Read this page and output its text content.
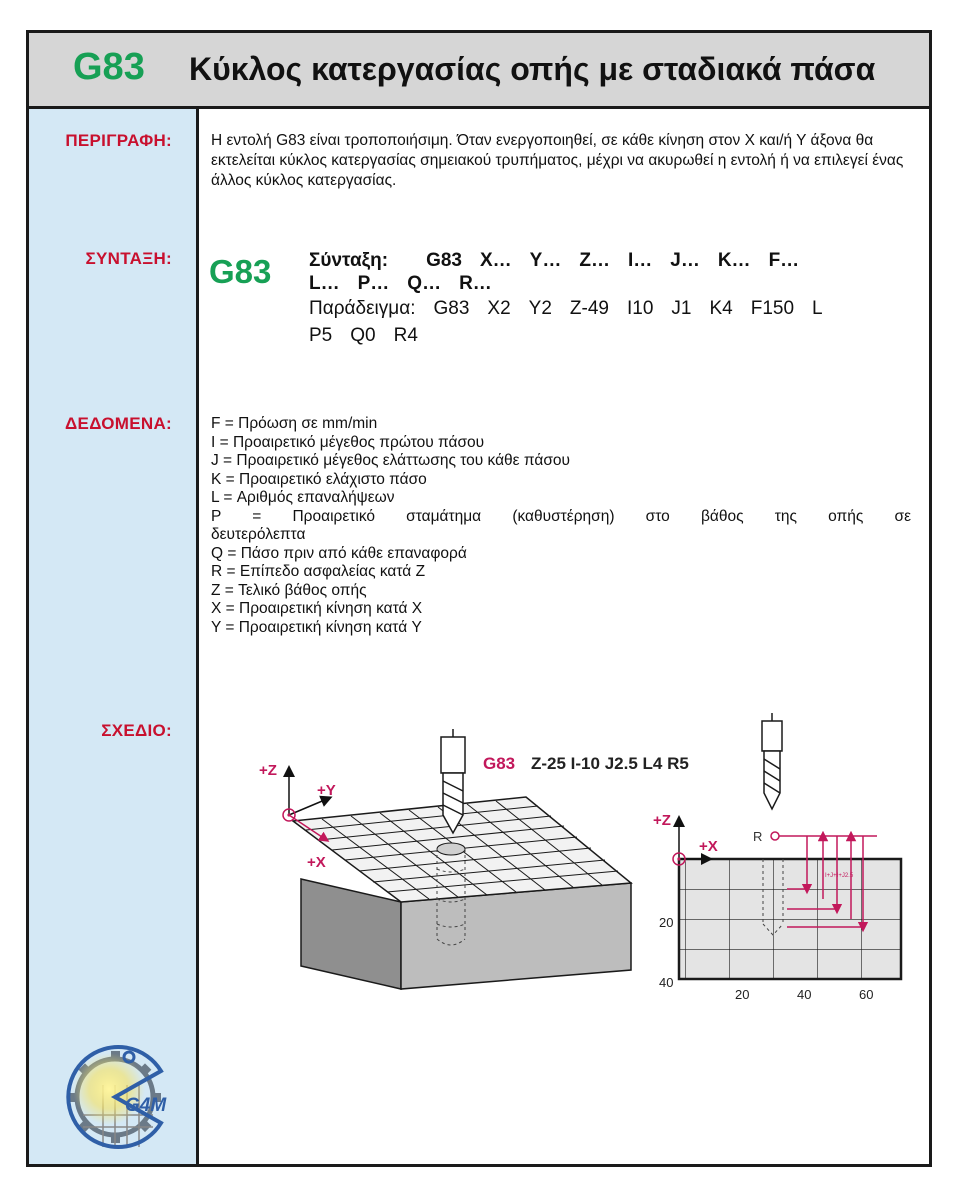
G83 Κύκλος κατεργασίας οπής με σταδιακά πάσα
ΠΕΡΙΓΡΑΦΗ:
ΣΥΝΤΑΞΗ:
ΔΕΔΟΜΕΝΑ:
ΣΧΕΔΙΟ:
G4M

Η εντολή G83 είναι τροποποιήσιμη. Όταν ενεργοποιηθεί, σε κάθε κίνηση στον Χ και/ή Υ άξονα θα εκτελείται κύκλος κατεργασίας σημειακού τρυπήματος, μέχρι να ακυρωθεί η εντολή ή να επιλεγεί ένας άλλος κύκλος κατεργασίας.

G83 Σύνταξη: G83 X… Y… Z… I… J… K… F…
L… P… Q… R…
Παράδειγμα: G83 X2 Y2 Z-49 I10 J1 K4 F150 L
P5 Q0 R4
F = Πρόωση σε mm/min
I = Προαιρετικό μέγεθος πρώτου πάσου
J = Προαιρετικό μέγεθος ελάττωσης του κάθε πάσου
K = Προαιρετικό ελάχιστο πάσο
L = Αριθμός επαναλήψεων
P = Προαιρετικό σταμάτημα (καθυστέρηση) στο βάθος της οπής σε
δευτερόλεπτα
Q = Πάσο πριν από κάθε επαναφορά
R = Επίπεδο ασφαλείας κατά Z
Z = Τελικό βάθος οπής
X = Προαιρετική κίνηση κατά X
Y = Προαιρετική κίνηση κατά Y
G83 Z-25 I-10 J2.5 L4 R5
+Z
+Y
+X
R
I+J+I+J2.5
+Z
+X
20
40
20	40	60
